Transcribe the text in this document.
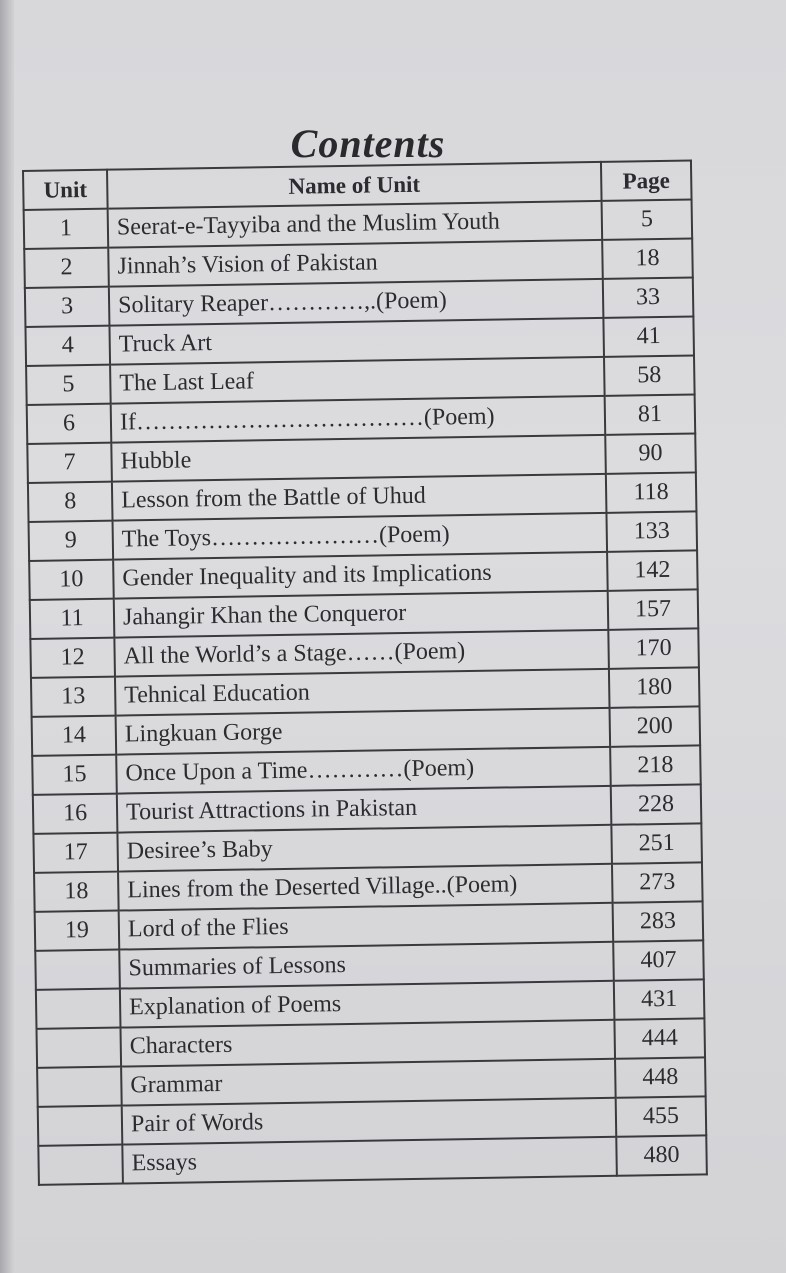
Contents
Unit	Name of Unit	Page
1	Seerat-e-Tayyiba and the Muslim Youth	5
2	Jinnah’s Vision of Pakistan	18
3	Solitary Reaper…………,.(Poem)	33
4	Truck Art	41
5	The Last Leaf	58
6	If………………………………(Poem)	81
7	Hubble	90
8	Lesson from the Battle of Uhud	118
9	The Toys…………………(Poem)	133
10	Gender Inequality and its Implications	142
11	Jahangir Khan the Conqueror	157
12	All the World’s a Stage……(Poem)	170
13	Tehnical Education	180
14	Lingkuan Gorge	200
15	Once Upon a Time…………(Poem)	218
16	Tourist Attractions in Pakistan	228
17	Desiree’s Baby	251
18	Lines from the Deserted Village..(Poem)	273
19	Lord of the Flies	283
	Summaries of Lessons	407
	Explanation of Poems	431
	Characters	444
	Grammar	448
	Pair of Words	455
	Essays	480
